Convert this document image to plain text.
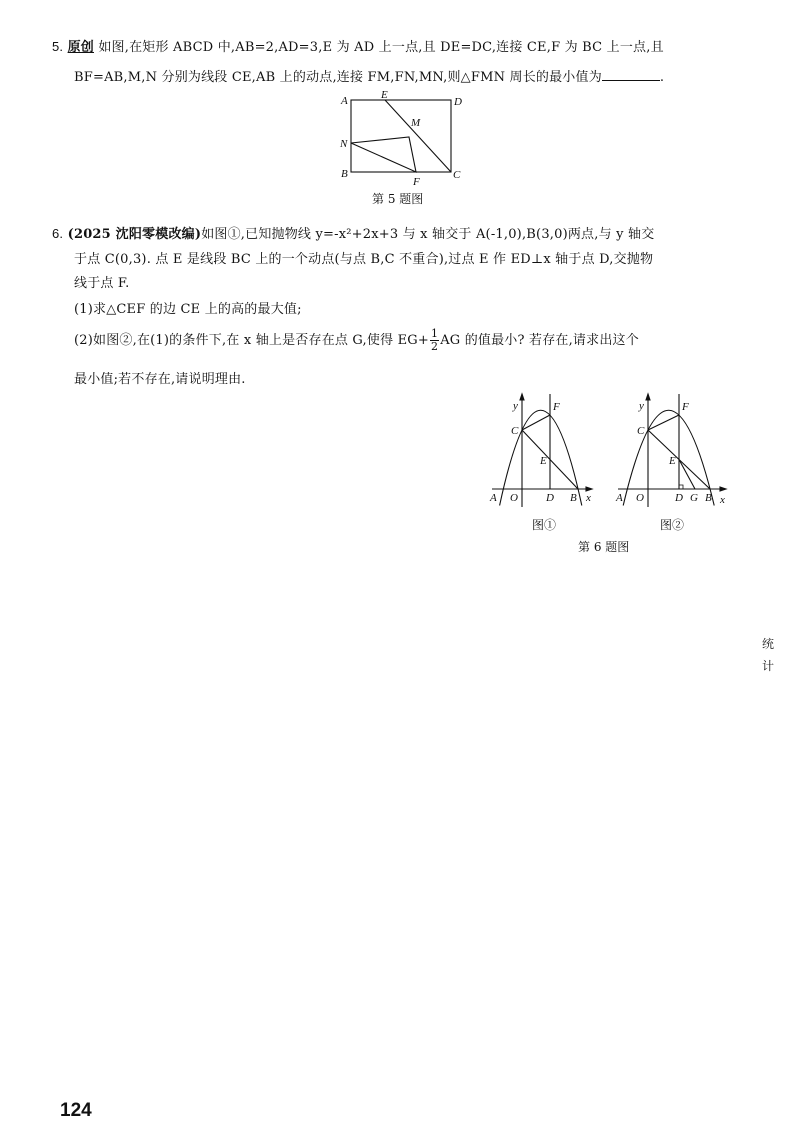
5. 原创 如图,在矩形 ABCD 中,AB=2,AD=3,E 为 AD 上一点,且 DE=DC,连接 CE,F 为 BC 上一点,且
BF=AB,M,N 分别为线段 CE,AB 上的动点,连接 FM,FN,MN,则△FMN 周长的最小值为	.
A	E
D
M
N
B
F
C
第 5 题图
6. (2025 沈阳零模改编)如图①,已知抛物线 y=-x²+2x+3 与 x 轴交于 A(-1,0),B(3,0)两点,与 y 轴交
于点 C(0,3). 点 E 是线段 BC 上的一个动点(与点 B,C 不重合),过点 E 作 ED⊥x 轴于点 D,交抛物
线于点 F.
(1)求△CEF 的边 CE 上的高的最大值;
(2)如图②,在(1)的条件下,在 x 轴上是否存在点 G,使得 $EG+ \frac{1}{2}$ AG 的值最小? 若存在,请求出这个
最小值;若不存在,请说明理由.
y	F
C
E
A O	D B x
图①
y	F
C
E
A O	D G B x
图②
第 6 题图
统
计
124
